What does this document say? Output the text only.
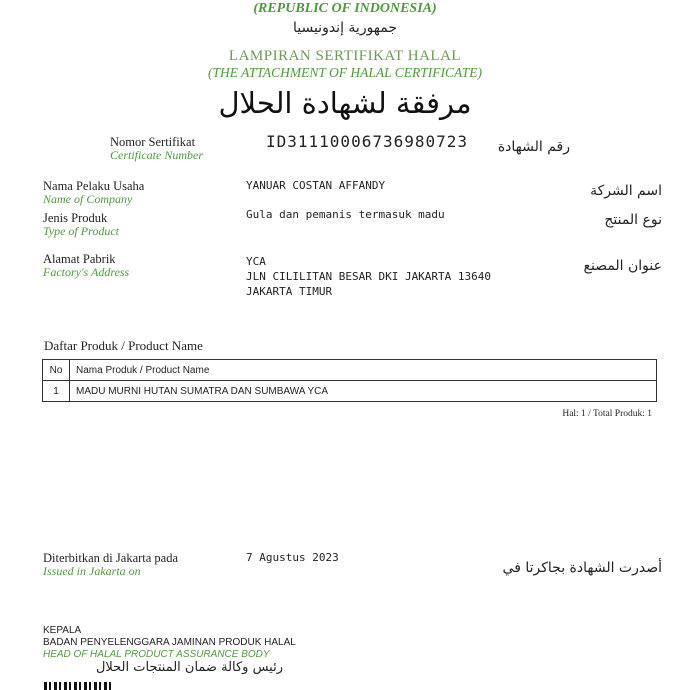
(REPUBLIC OF INDONESIA)
جمهورية إندونيسيا
LAMPIRAN SERTIFIKAT HALAL
(THE ATTACHMENT OF HALAL CERTIFICATE)
مرفقة لشهادة الحلال
Nomor Sertifikat
Certificate Number
ID31110006736980723	رقم الشهادة
Nama Pelaku Usaha
Name of Company
YANUAR COSTAN AFFANDY	اسم الشركة
Jenis Produk
Type of Product
Gula dan pemanis termasuk madu	نوع المنتج
Alamat Pabrik
Factory's Address
YCA
JLN CILILITAN BESAR DKI JAKARTA 13640
JAKARTA TIMUR
عنوان المصنع
Daftar Produk / Product Name
No	Nama Produk / Product Name
1	MADU MURNI HUTAN SUMATRA DAN SUMBAWA YCA
Hal: 1 / Total Produk: 1
Diterbitkan di Jakarta pada
Issued in Jakarta on
7 Agustus 2023
أصدرت الشهادة بجاكرتا في
KEPALA
BADAN PENYELENGGARA JAMINAN PRODUK HALAL
HEAD OF HALAL PRODUCT ASSURANCE BODY
رئيس وكالة ضمان المنتجات الحلال
